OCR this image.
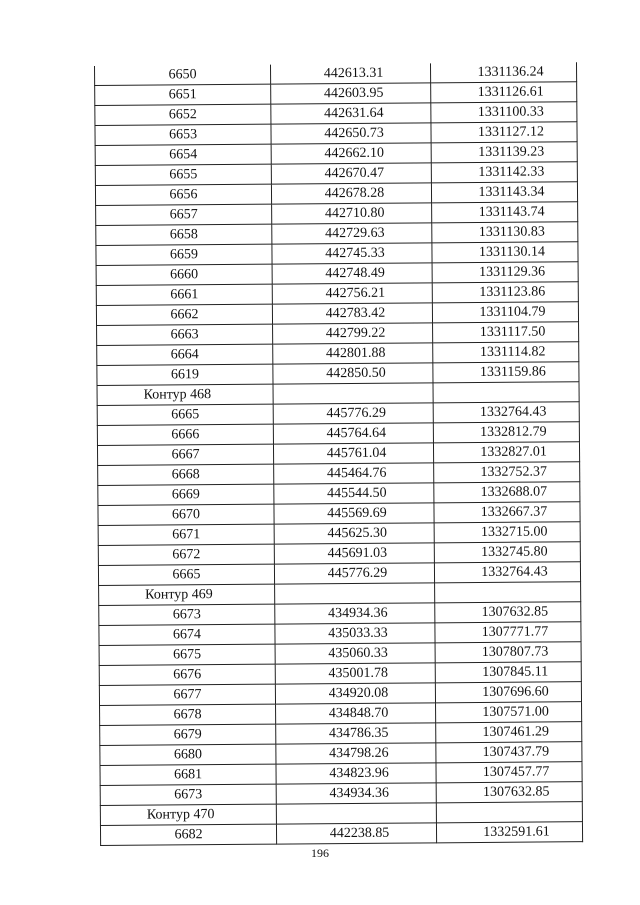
6650	442613.31	1331136.24
6651	442603.95	1331126.61
6652	442631.64	1331100.33
6653	442650.73	1331127.12
6654	442662.10	1331139.23
6655	442670.47	1331142.33
6656	442678.28	1331143.34
6657	442710.80	1331143.74
6658	442729.63	1331130.83
6659	442745.33	1331130.14
6660	442748.49	1331129.36
6661	442756.21	1331123.86
6662	442783.42	1331104.79
6663	442799.22	1331117.50
6664	442801.88	1331114.82
6619	442850.50	1331159.86
Контур 468		
6665	445776.29	1332764.43
6666	445764.64	1332812.79
6667	445761.04	1332827.01
6668	445464.76	1332752.37
6669	445544.50	1332688.07
6670	445569.69	1332667.37
6671	445625.30	1332715.00
6672	445691.03	1332745.80
6665	445776.29	1332764.43
Контур 469		
6673	434934.36	1307632.85
6674	435033.33	1307771.77
6675	435060.33	1307807.73
6676	435001.78	1307845.11
6677	434920.08	1307696.60
6678	434848.70	1307571.00
6679	434786.35	1307461.29
6680	434798.26	1307437.79
6681	434823.96	1307457.77
6673	434934.36	1307632.85
Контур 470		
6682	442238.85	1332591.61
196
